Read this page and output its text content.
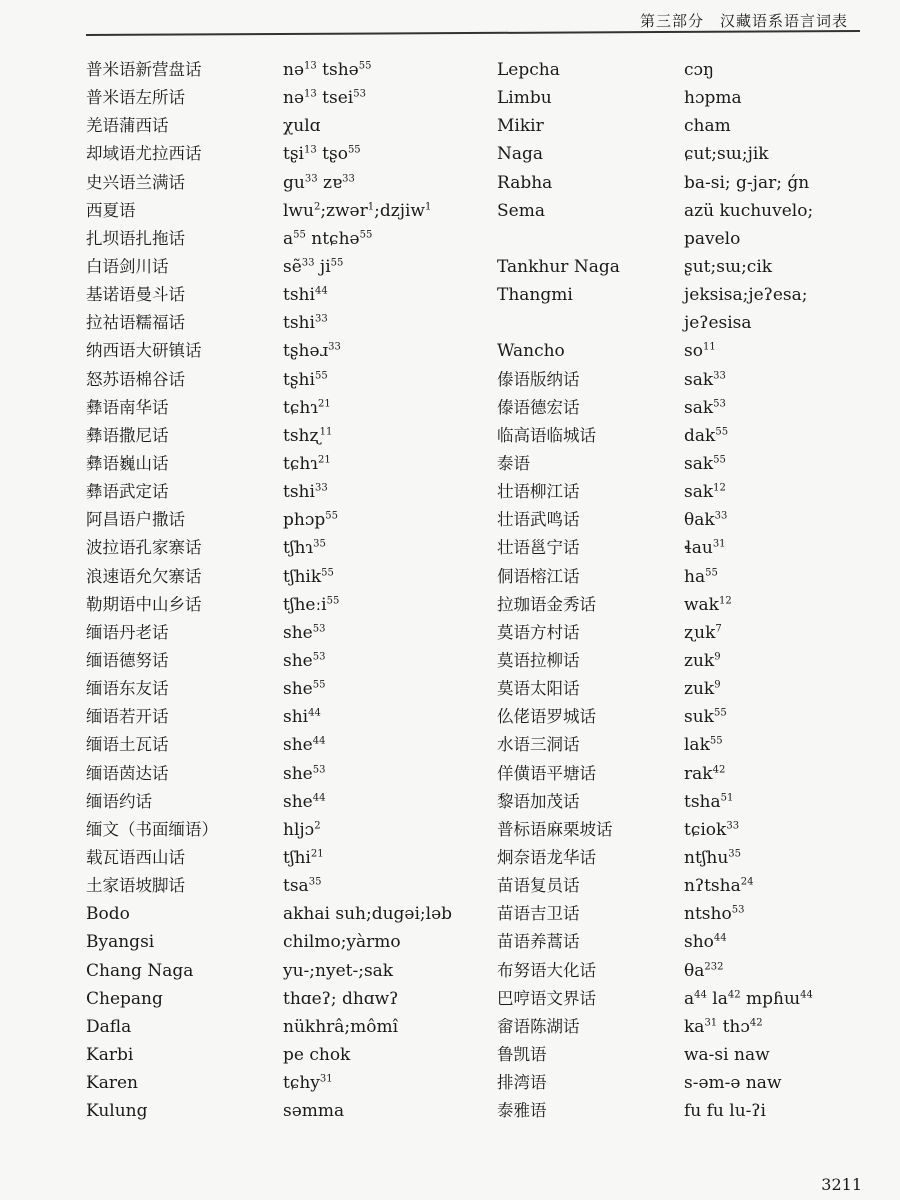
第三部分　汉藏语系语言词表
普米语新营盘话
普米语左所话
羌语蒲西话
却域语尤拉西话
史兴语兰满话
西夏语
扎坝语扎拖话
白语剑川话
基诺语曼斗话
拉祜语糯福话
纳西语大研镇话
怒苏语棉谷话
彝语南华话
彝语撒尼话
彝语巍山话
彝语武定话
阿昌语户撒话
波拉语孔家寨话
浪速语允欠寨话
勒期语中山乡话
缅语丹老话
缅语德努话
缅语东友话
缅语若开话
缅语土瓦话
缅语茵达话
缅语约话
缅文（书面缅语）
载瓦语西山话
土家语坡脚话
Bodo
Byangsi
Chang Naga
Chepang
Dafla
Karbi
Karen
Kulung
nə$^{13}$ tshə$^{55}$
nə$^{13}$ tsei$^{53}$
χulɑ
tʂi$^{13}$ tʂo$^{55}$
$gu^{33}$ zɐ$^{33}$
lwu$^2$;zwər$^1$;dzjiw$^1$
$a^{55}$ ntɕhə$^{55}$
sẽ$^{33}$ $ji^{55}$
tshi$^{44}$
tshi$^{33}$
tʂhəɹ$^{33}$
tʂhi$^{55}$
tɕhɿ$^{21}$
tshʐ$^{11}$
tɕhɿ$^{21}$
tshi$^{33}$
phɔp$^{55}$
tʃhɿ$^{35}$
tʃhik$^{55}$
tʃheːi$^{55}$
she$^{53}$
she$^{53}$
she$^{55}$
shi$^{44}$
she$^{44}$
she$^{53}$
she$^{44}$
hljɔ$^2$
tʃhi$^{21}$
tsa$^{35}$
akhai suh;dugəi;ləb
chilmo;yàrmo
yu-;nyet-;sak
thɑeʔ; dhɑwʔ
nükhrâ;mômî
pe chok
tɕhy$^{31}$
səmma
Lepcha
Limbu
Mikir
Naga
Rabha
Sema
Tankhur Naga
Thangmi
Wancho
傣语版纳话
傣语德宏话
临高语临城话
泰语
壮语柳江话
壮语武鸣话
壮语邕宁话
侗语榕江话
拉珈语金秀话
莫语方村话
莫语拉柳话
莫语太阳话
仫佬语罗城话
水语三洞话
佯僙语平塘话
黎语加茂话
普标语麻栗坡话
炯奈语龙华话
苗语复员话
苗语吉卫话
苗语养蒿话
布努语大化话
巴哼语文界话
畲语陈湖话
鲁凯语
排湾语
泰雅语
cɔŋ
hɔpma
cham
ɕut;sɯ;jik
ba-si; g-jar; ǵn
azü kuchuvelo;
pavelo
ʂut;sɯ;cik
jeksisa;jeʔesa;
jeʔesisa
$so^{11}$
sak$^{33}$
sak$^{53}$
dak$^{55}$
sak$^{55}$
sak$^{12}$
θak$^{33}$
ɬau$^{31}$
$ha^{55}$
wak$^{12}$
ʐuk$^7$
zuk$^9$
zuk$^9$
suk$^{55}$
lak$^{55}$
rak$^{42}$
tsha$^{51}$
tɕiok$^{33}$
ntʃhu$^{35}$
nʔtsha$^{24}$
ntsho$^{53}$
sho$^{44}$
$\theta a^{232}$
$a^{44}$ $la^{42}$ mpɦɯ$^{44}$
$ka^{31}$ thɔ$^{42}$
wa-si naw
s-əm-ə naw
fu fu lu-ʔi
3211
